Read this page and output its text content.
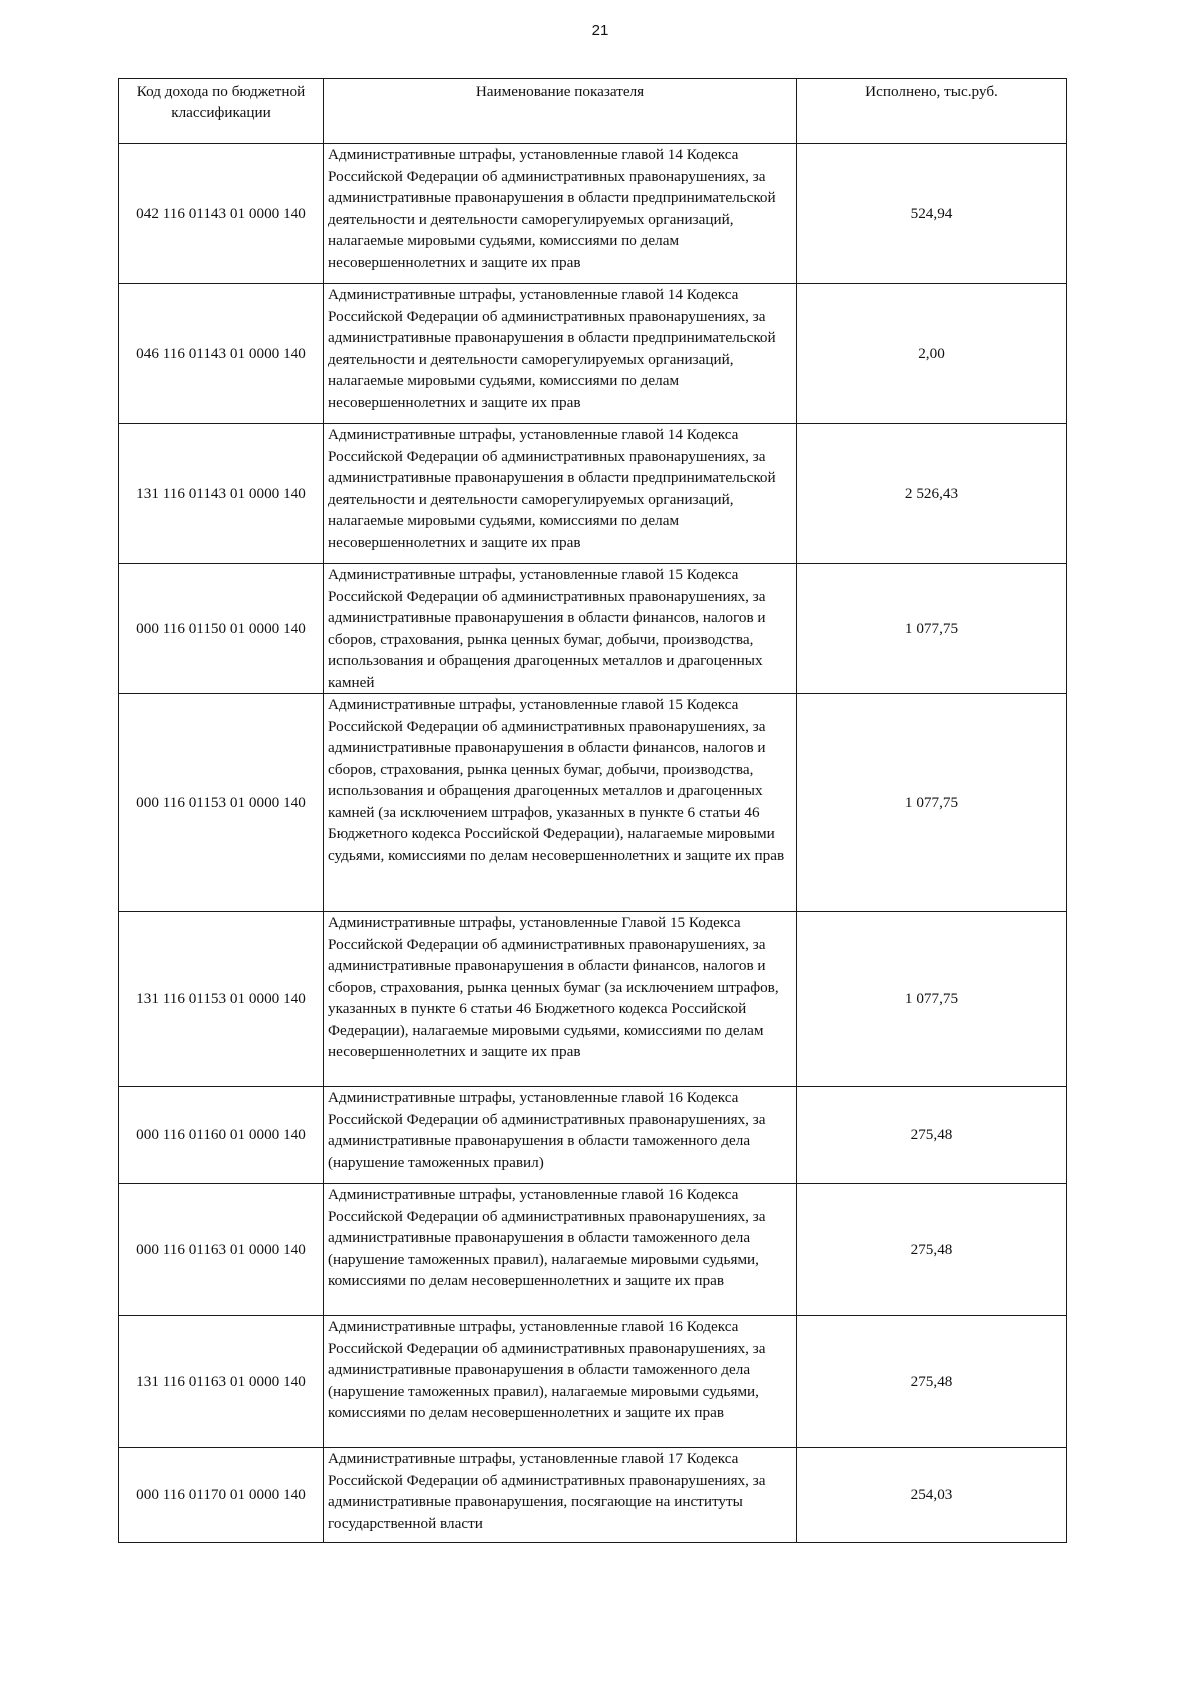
21
Код дохода по бюджетной классификации	Наименование показателя	Исполнено, тыс.руб.
042 116 01143 01 0000 140	Административные штрафы, установленные главой 14 Кодекса Российской Федерации об административных правонарушениях, за административные правонарушения в области предпринимательской деятельности и деятельности саморегулируемых организаций, налагаемые мировыми судьями, комиссиями по делам несовершеннолетних и защите их прав	524,94
046 116 01143 01 0000 140	Административные штрафы, установленные главой 14 Кодекса Российской Федерации об административных правонарушениях, за административные правонарушения в области предпринимательской деятельности и деятельности саморегулируемых организаций, налагаемые мировыми судьями, комиссиями по делам несовершеннолетних и защите их прав	2,00
131 116 01143 01 0000 140	Административные штрафы, установленные главой 14 Кодекса Российской Федерации об административных правонарушениях, за административные правонарушения в области предпринимательской деятельности и деятельности саморегулируемых организаций, налагаемые мировыми судьями, комиссиями по делам несовершеннолетних и защите их прав	2 526,43
000 116 01150 01 0000 140	Административные штрафы, установленные главой 15 Кодекса Российской Федерации об административных правонарушениях, за административные правонарушения в области финансов, налогов и сборов, страхования, рынка ценных бумаг, добычи, производства, использования и обращения драгоценных металлов и драгоценных камней	1 077,75
000 116 01153 01 0000 140	Административные штрафы, установленные главой 15 Кодекса Российской Федерации об административных правонарушениях, за административные правонарушения в области финансов, налогов и сборов, страхования, рынка ценных бумаг, добычи, производства, использования и обращения драгоценных металлов и драгоценных камней (за исключением штрафов, указанных в пункте 6 статьи 46 Бюджетного кодекса Российской Федерации), налагаемые мировыми судьями, комиссиями по делам несовершеннолетних и защите их прав	1 077,75
131 116 01153 01 0000 140	Административные штрафы, установленные Главой 15 Кодекса Российской Федерации об административных правонарушениях, за административные правонарушения в области финансов, налогов и сборов, страхования, рынка ценных бумаг (за исключением штрафов, указанных в пункте 6 статьи 46 Бюджетного кодекса Российской Федерации), налагаемые мировыми судьями, комиссиями по делам несовершеннолетних и защите их прав	1 077,75
000 116 01160 01 0000 140	Административные штрафы, установленные главой 16 Кодекса Российской Федерации об административных правонарушениях, за административные правонарушения в области таможенного дела (нарушение таможенных правил)	275,48
000 116 01163 01 0000 140	Административные штрафы, установленные главой 16 Кодекса Российской Федерации об административных правонарушениях, за административные правонарушения в области таможенного дела (нарушение таможенных правил), налагаемые мировыми судьями, комиссиями по делам несовершеннолетних и защите их прав	275,48
131 116 01163 01 0000 140	Административные штрафы, установленные главой 16 Кодекса Российской Федерации об административных правонарушениях, за административные правонарушения в области таможенного дела (нарушение таможенных правил), налагаемые мировыми судьями, комиссиями по делам несовершеннолетних и защите их прав	275,48
000 116 01170 01 0000 140	Административные штрафы, установленные главой 17 Кодекса Российской Федерации об административных правонарушениях, за административные правонарушения, посягающие на институты государственной власти	254,03
